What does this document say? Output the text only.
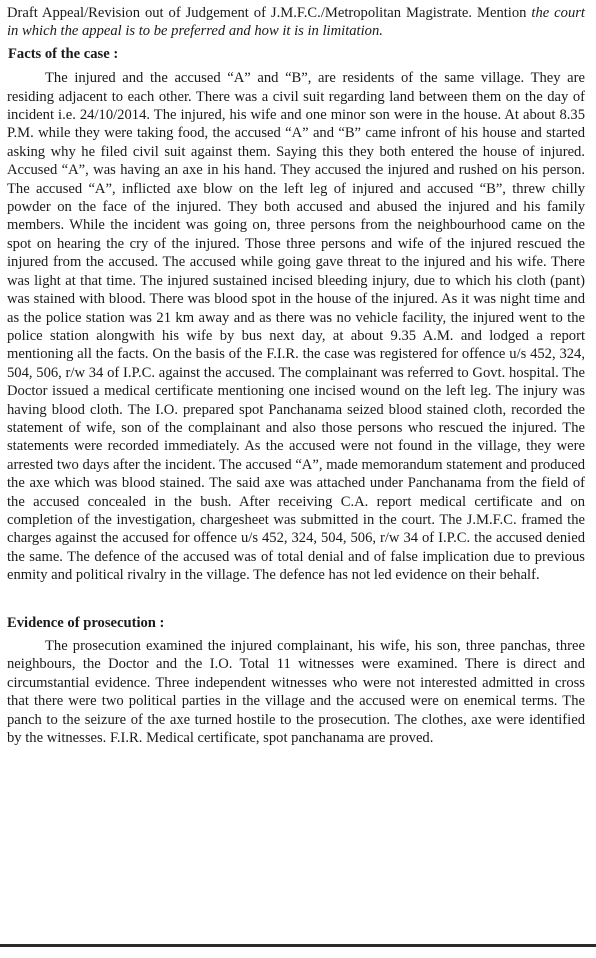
Draft Appeal/Revision out of Judgement of J.M.F.C./Metropolitan Magistrate. Mention the court in which the appeal is to be preferred and how it is in limitation.

Facts of the case :

The injured and the accused “A” and “B”, are residents of the same village. They are residing adjacent to each other. There was a civil suit regarding land between them on the day of incident i.e. 24/10/2014. The injured, his wife and one minor son were in the house. At about 8.35 P.M. while they were taking food, the accused “A” and “B” came infront of his house and started asking why he filed civil suit against them. Saying this they both entered the house of injured. Accused “A”, was having an axe in his hand. They accused the injured and rushed on his person. The accused “A”, inflicted axe blow on the left leg of injured and accused “B”, threw chilly powder on the face of the injured. They both accused and abused the injured and his family members. While the incident was going on, three persons from the neighbourhood came on the spot on hearing the cry of the injured. Those three persons and wife of the injured rescued the injured from the accused. The accused while going gave threat to the injured and his wife. There was light at that time. The injured sustained incised bleeding injury, due to which his cloth (pant) was stained with blood. There was blood spot in the house of the injured. As it was night time and as the police station was 21 km away and as there was no vehicle facility, the injured went to the police station alongwith his wife by bus next day, at about 9.35 A.M. and lodged a report mentioning all the facts. On the basis of the F.I.R. the case was registered for offence u/s 452, 324, 504, 506, r/w 34 of I.P.C. against the accused. The complainant was referred to Govt. hospital. The Doctor issued a medical certificate mentioning one incised wound on the left leg. The injury was having blood cloth. The I.O. prepared spot Panchanama seized blood stained cloth, recorded the statement of wife, son of the complainant and also those persons who rescued the injured. The statements were recorded immediately. As the accused were not found in the village, they were arrested two days after the incident. The accused “A”, made memorandum statement and produced the axe which was blood stained. The said axe was attached under Panchanama from the field of the accused concealed in the bush. After receiving C.A. report medical certificate and on completion of the investigation, chargesheet was submitted in the court. The J.M.F.C. framed the charges against the accused for offence u/s 452, 324, 504, 506, r/w 34 of I.P.C. the accused denied the same. The defence of the accused was of total denial and of false implication due to previous enmity and political rivalry in the village. The defence has not led evidence on their behalf.

Evidence of prosecution :

The prosecution examined the injured complainant, his wife, his son, three panchas, three neighbours, the Doctor and the I.O. Total 11 witnesses were examined. There is direct and circumstantial evidence. Three independent witnesses who were not interested admitted in cross that there were two political parties in the village and the accused were on enemical terms. The panch to the seizure of the axe turned hostile to the prosecution. The clothes, axe were identified by the witnesses. F.I.R. Medical certificate, spot panchanama are proved.
